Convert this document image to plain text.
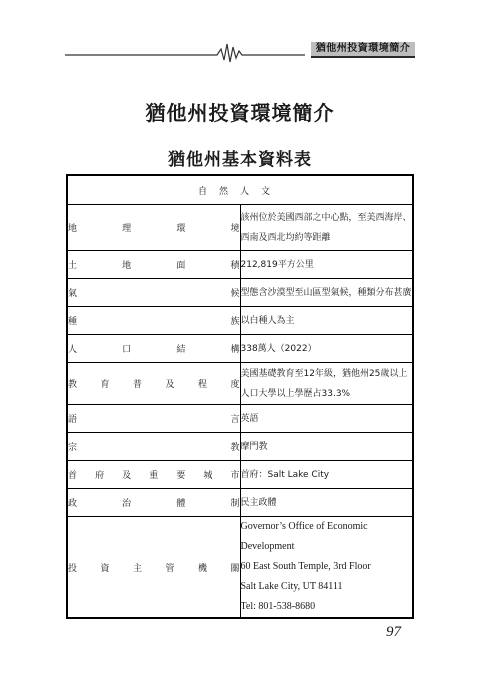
猶他州投資環境簡介
猶他州投資環境簡介
猶他州基本資料表
自然人文	
地理環境	該州位於美國西部之中心點，至美西海岸、西南及西北均約等距離
土地面積	212,819平方公里
氣候	型態含沙漠型至山區型氣候，種類分布甚廣
種族	以白種人為主
人口結構	338萬人（2022）
教育普及程度	美國基礎教育至12年級，猶他州25歲以上人口大學以上學歷占33.3%
語言	英語
宗教	摩門教
首府及重要城市	首府：Salt Lake City
政治體制	民主政體
投資主管機關	Governor’s Office of Economic Development
60 East South Temple, 3rd Floor
Salt Lake City, UT 84111
Tel: 801-538-8680
97
